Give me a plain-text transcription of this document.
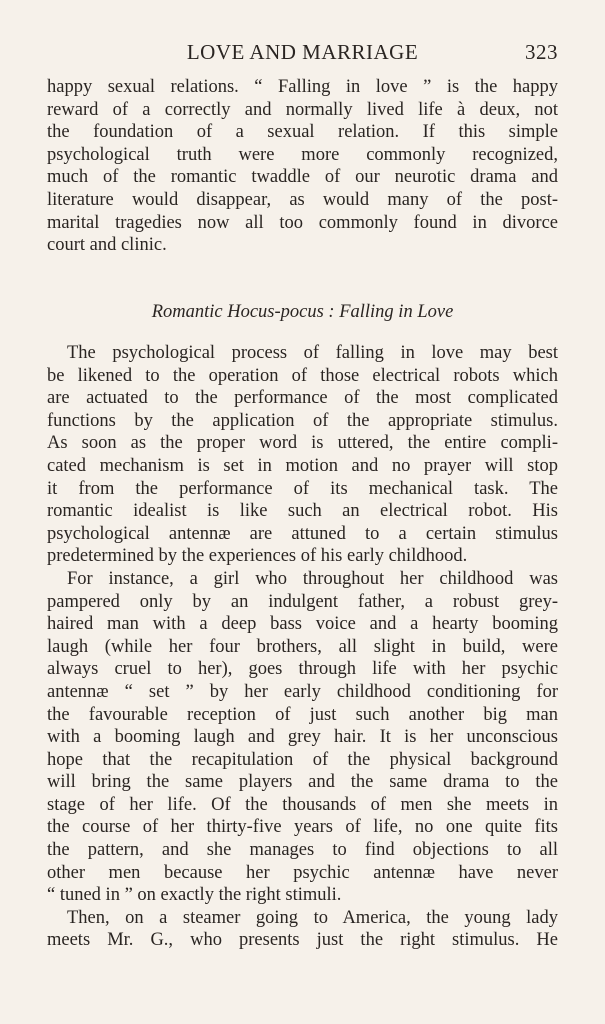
LOVE AND MARRIAGE	323
happy sexual relations. “ Falling in love ” is the happy
reward of a correctly and normally lived life à deux, not
the foundation of a sexual relation. If this simple
psychological truth were more commonly recognized,
much of the romantic twaddle of our neurotic drama and
literature would disappear, as would many of the post-
marital tragedies now all too commonly found in divorce
court and clinic.
Romantic Hocus-pocus : Falling in Love
The psychological process of falling in love may best
be likened to the operation of those electrical robots which
are actuated to the performance of the most complicated
functions by the application of the appropriate stimulus.
As soon as the proper word is uttered, the entire compli-
cated mechanism is set in motion and no prayer will stop
it from the performance of its mechanical task. The
romantic idealist is like such an electrical robot. His
psychological antennæ are attuned to a certain stimulus
predetermined by the experiences of his early childhood.
For instance, a girl who throughout her childhood was
pampered only by an indulgent father, a robust grey-
haired man with a deep bass voice and a hearty booming
laugh (while her four brothers, all slight in build, were
always cruel to her), goes through life with her psychic
antennæ “ set ” by her early childhood conditioning for
the favourable reception of just such another big man
with a booming laugh and grey hair. It is her unconscious
hope that the recapitulation of the physical background
will bring the same players and the same drama to the
stage of her life. Of the thousands of men she meets in
the course of her thirty-five years of life, no one quite fits
the pattern, and she manages to find objections to all
other men because her psychic antennæ have never
“ tuned in ” on exactly the right stimuli.
Then, on a steamer going to America, the young lady
meets Mr. G., who presents just the right stimulus. He
